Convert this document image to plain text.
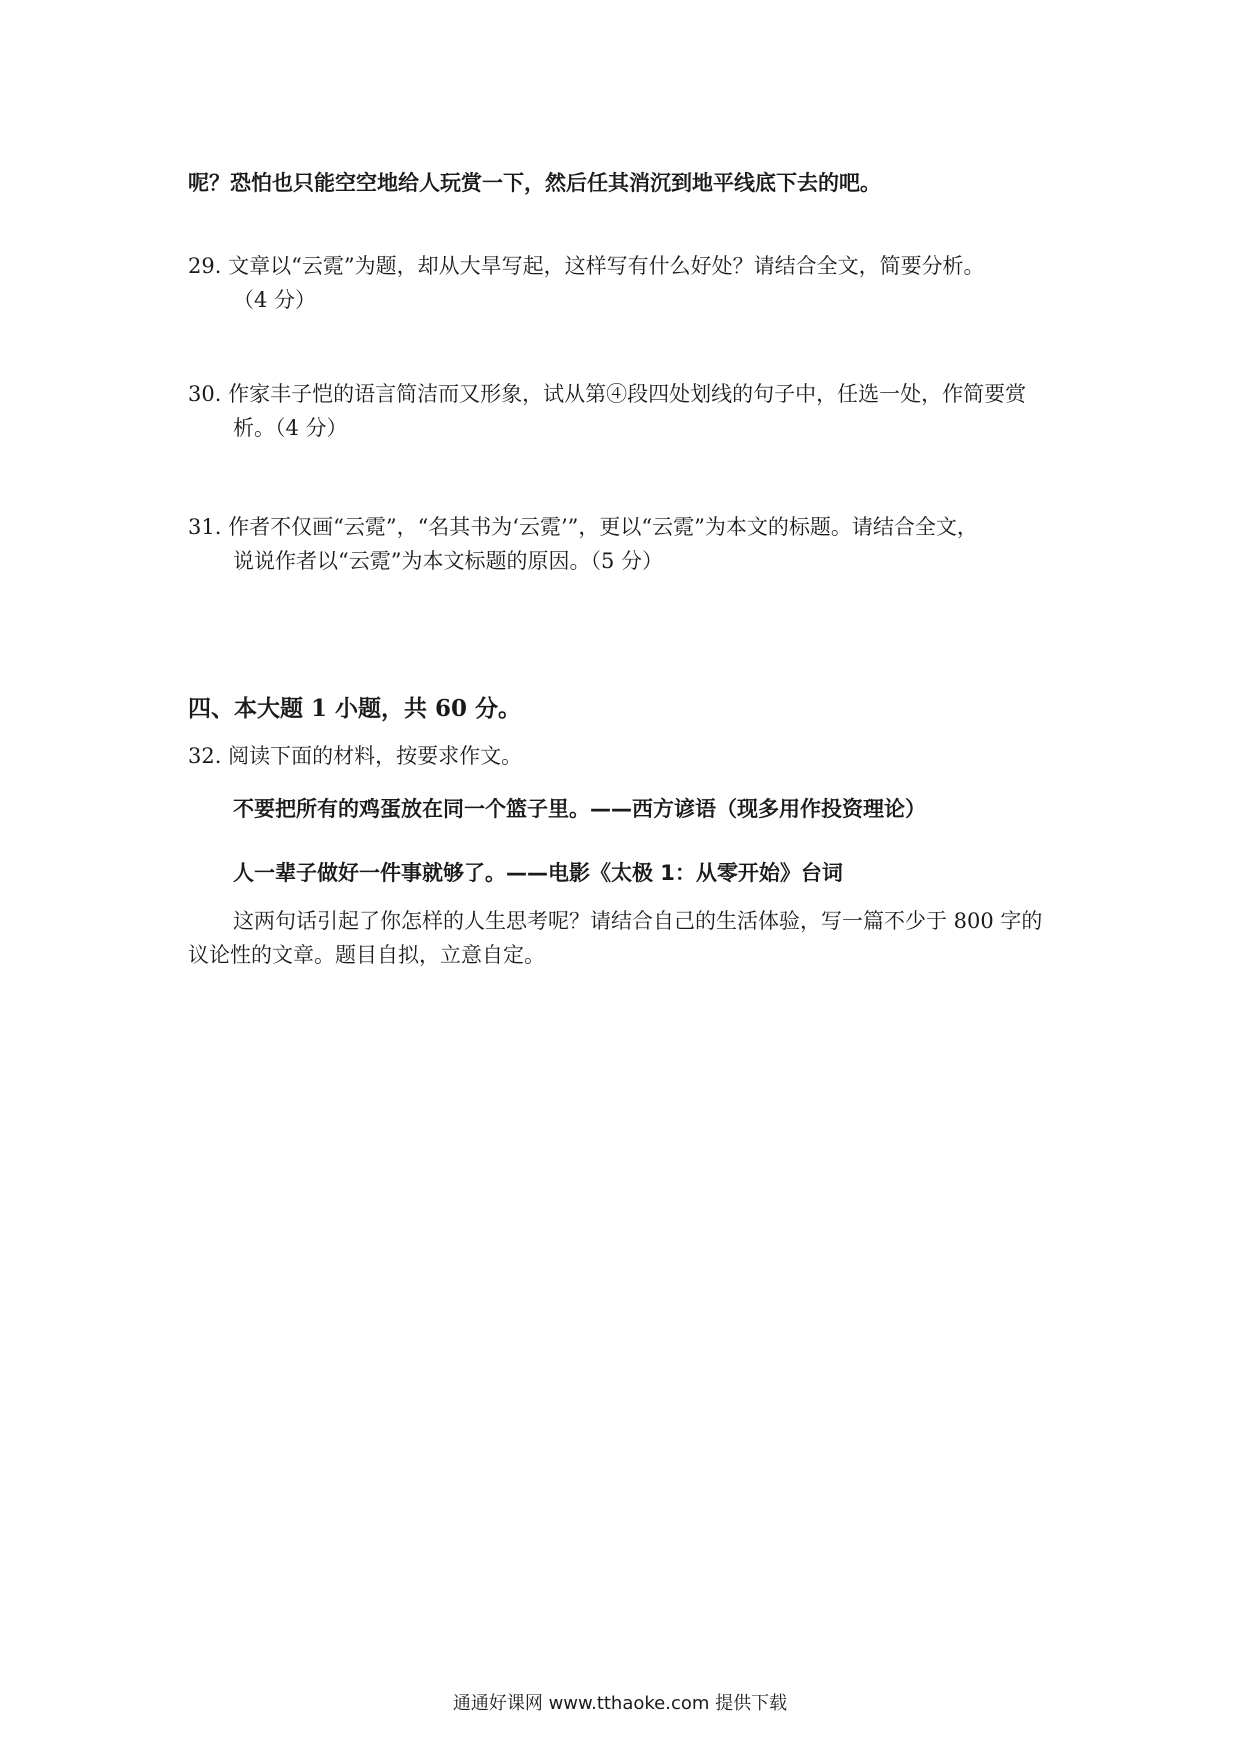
呢？恐怕也只能空空地给人玩赏一下，然后任其消沉到地平线底下去的吧。
29. 文章以“云霓”为题，却从大旱写起，这样写有什么好处？请结合全文，简要分析。
（4 分）
30. 作家丰子恺的语言简洁而又形象，试从第④段四处划线的句子中，任选一处，作简要赏
析。（4 分）
31. 作者不仅画“云霓”，“名其书为‘云霓’”，更以“云霓”为本文的标题。请结合全文，
说说作者以“云霓”为本文标题的原因。（5 分）
四、本大题 1 小题，共 60 分。
32. 阅读下面的材料，按要求作文。
不要把所有的鸡蛋放在同一个篮子里。——西方谚语（现多用作投资理论）
人一辈子做好一件事就够了。——电影《太极 1：从零开始》台词
这两句话引起了你怎样的人生思考呢？请结合自己的生活体验，写一篇不少于 800 字的
议论性的文章。题目自拟，立意自定。
通通好课网 www.tthaoke.com 提供下载
